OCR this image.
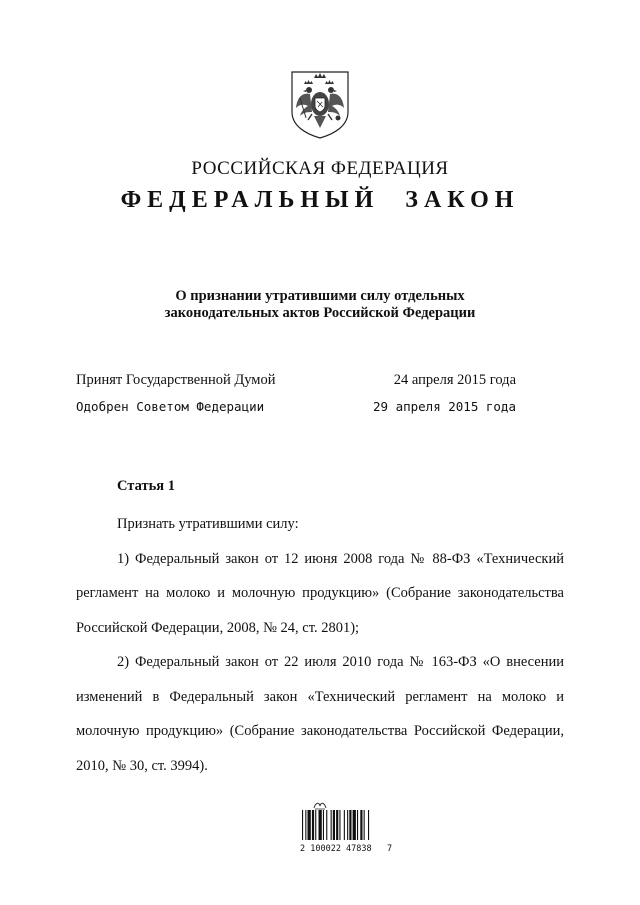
РОССИЙСКАЯ ФЕДЕРАЦИЯ
ФЕДЕРАЛЬНЫЙ ЗАКОН
О признании утратившими силу отдельных
законодательных актов Российской Федерации
Принят Государственной Думой	24 апреля 2015 года
Одобрен Советом Федерации	29 апреля 2015 года
Статья 1

Признать утратившими силу:

1) Федеральный закон от 12 июня 2008 года № 88-ФЗ «Технический регламент на молоко и молочную продукцию» (Собрание законодательства Российской Федерации, 2008, № 24, ст. 2801);

2) Федеральный закон от 22 июля 2010 года № 163-ФЗ «О внесении изменений в Федеральный закон «Технический регламент на молоко и молочную продукцию» (Собрание законодательства Российской Федерации, 2010, № 30, ст. 3994).

2 100022 47838   7
